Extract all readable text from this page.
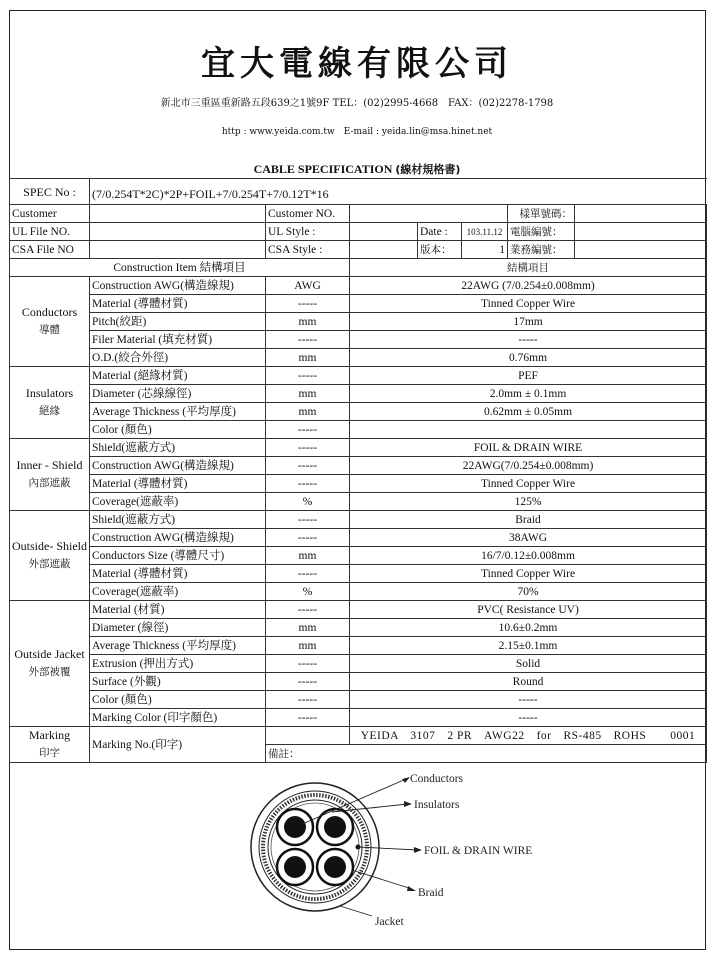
宜大電線有限公司
新北市三重區重新路五段639之1號9F TEL：(02)2995-4668　FAX：(02)2278-1798
http : www.yeida.com.tw　E-mail : yeida.lin@msa.hinet.net
CABLE SPECIFICATION (線材規格書)
SPEC No :	(7/0.254T*2C)*2P+FOIL+7/0.254T+7/0.12T*16						
Customer		Customer NO.				樣單號碼：	
UL File NO.		UL Style :		Date :	103.11.12	電腦編號：	
CSA File NO		CSA Style :		版本：	1	業務編號：	
Construction Item 結構項目			結構項目				
Conductors
導體	Construction AWG(構造線規)	AWG	22AWG (7/0.254±0.008mm)				
	Material (導體材質)	-----	Tinned Copper Wire				
	Pitch(絞距)	mm	17mm				
	Filer Material (填充材質)	-----	-----				
	O.D.(絞合外徑)	mm	0.76mm				
Insulators
絕緣	Material (絕緣材質)	-----	PEF				
	Diameter (芯線線徑)	mm	2.0mm ± 0.1mm				
	Average Thickness (平均厚度)	mm	0.62mm ± 0.05mm				
	Color (顏色)	-----					
Inner - Shield
內部遮蔽	Shield(遮蔽方式)	-----	FOIL & DRAIN WIRE				
	Construction AWG(構造線規)	-----	22AWG(7/0.254±0.008mm)				
	Material (導體材質)	-----	Tinned Copper Wire				
	Coverage(遮蔽率)	%	125%				
Outside- Shield
外部遮蔽	Shield(遮蔽方式)	-----	Braid				
	Construction AWG(構造線規)	-----	38AWG				
	Conductors Size (導體尺寸)	mm	16/7/0.12±0.008mm				
	Material (導體材質)	-----	Tinned Copper Wire				
	Coverage(遮蔽率)	%	70%				
Outside Jacket
外部被覆	Material (材質)	-----	PVC( Resistance UV)				
	Diameter (線徑)	mm	10.6±0.2mm				
	Average Thickness (平均厚度)	mm	2.15±0.1mm				
	Extrusion (押出方式)	-----	Solid				
	Surface (外觀)	-----	Round				
	Color (顏色)	-----	-----				
	Marking Color (印字顏色)	-----	-----				
Marking
印字	Marking No.(印字)		YEIDA　3107　2 PR　AWG22　for　RS-485　ROHS　　0001				

		備註：					
Conductors
Insulators
FOIL & DRAIN WIRE
Braid
Jacket
